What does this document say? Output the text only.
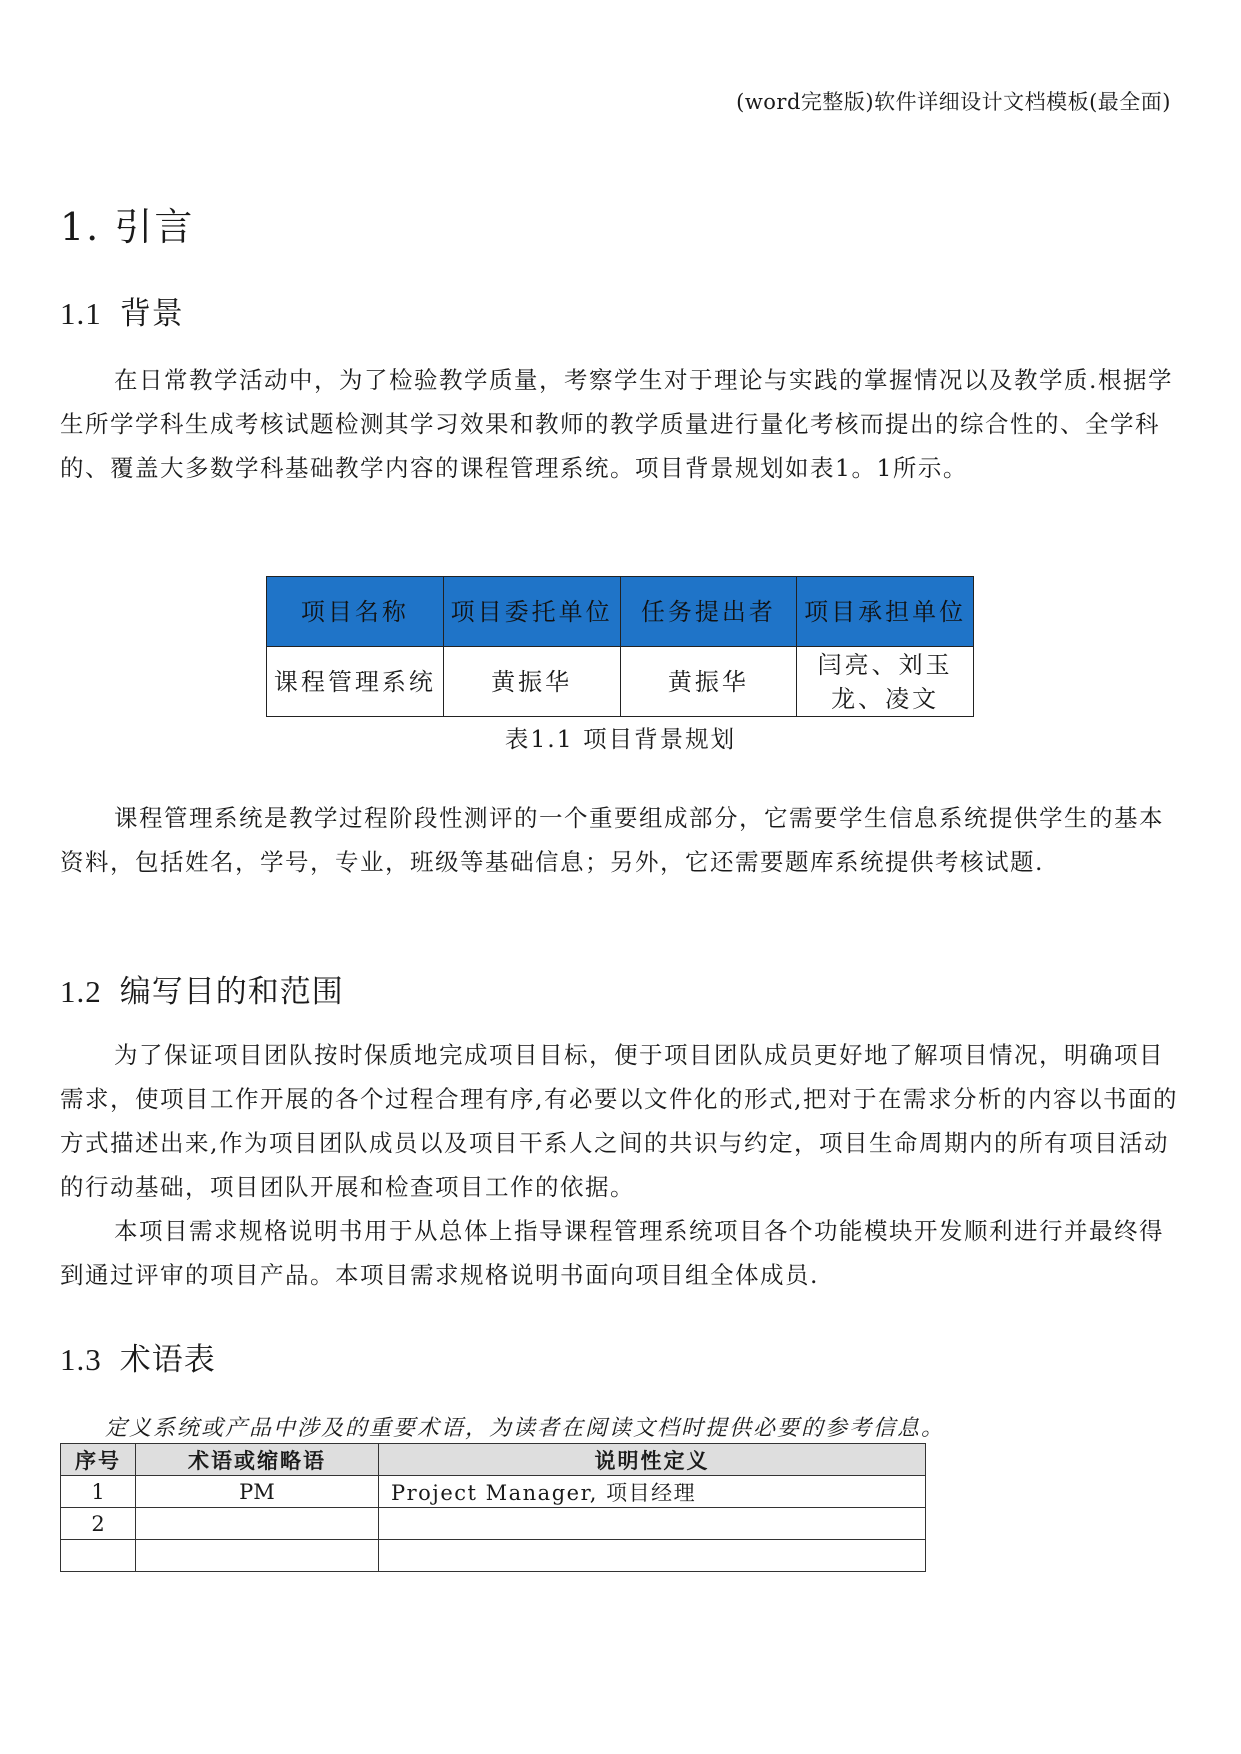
(word完整版)软件详细设计文档模板(最全面)
1. 引言
1.1 背景

在日常教学活动中，为了检验教学质量，考察学生对于理论与实践的掌握情况以及教学质.根据学生所学学科生成考核试题检测其学习效果和教师的教学质量进行量化考核而提出的综合性的、全学科的、覆盖大多数学科基础教学内容的课程管理系统。项目背景规划如表1。1所示。

项目名称	项目委托单位	任务提出者	项目承担单位
课程管理系统	黄振华	黄振华	闫亮、刘玉龙、凌文
表1.1 项目背景规划

课程管理系统是教学过程阶段性测评的一个重要组成部分，它需要学生信息系统提供学生的基本资料，包括姓名，学号，专业，班级等基础信息；另外，它还需要题库系统提供考核试题.

1.2 编写目的和范围

为了保证项目团队按时保质地完成项目目标，便于项目团队成员更好地了解项目情况，明确项目需求，使项目工作开展的各个过程合理有序,有必要以文件化的形式,把对于在需求分析的内容以书面的方式描述出来,作为项目团队成员以及项目干系人之间的共识与约定，项目生命周期内的所有项目活动的行动基础，项目团队开展和检查项目工作的依据。

本项目需求规格说明书用于从总体上指导课程管理系统项目各个功能模块开发顺利进行并最终得到通过评审的项目产品。本项目需求规格说明书面向项目组全体成员.

1.3 术语表
定义系统或产品中涉及的重要术语，为读者在阅读文档时提供必要的参考信息。
序号	术语或缩略语	说明性定义
1	PM	Project Manager, 项目经理
2		
